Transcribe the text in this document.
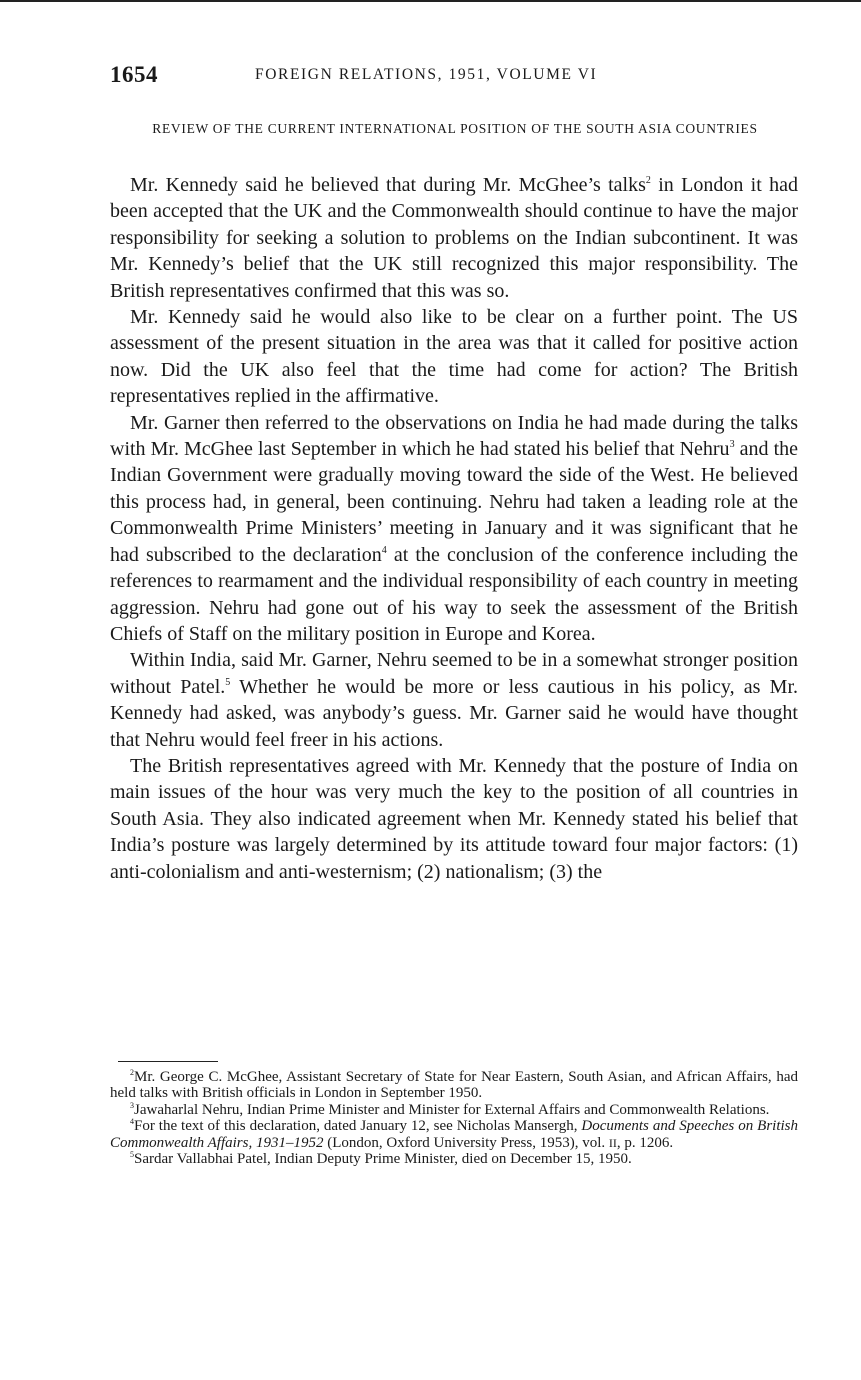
1654	FOREIGN RELATIONS, 1951, VOLUME VI
REVIEW OF THE CURRENT INTERNATIONAL POSITION OF THE SOUTH ASIA COUNTRIES

Mr. Kennedy said he believed that during Mr. McGhee’s talks$^2$ in London it had been accepted that the UK and the Commonwealth should continue to have the major responsibility for seeking a solution to problems on the Indian subcontinent. It was Mr. Kennedy’s belief that the UK still recognized this major responsibility. The British representatives confirmed that this was so.

Mr. Kennedy said he would also like to be clear on a further point. The US assessment of the present situation in the area was that it called for positive action now. Did the UK also feel that the time had come for action? The British representatives replied in the affirmative.

Mr. Garner then referred to the observations on India he had made during the talks with Mr. McGhee last September in which he had stated his belief that Nehru$^3$ and the Indian Government were gradually moving toward the side of the West. He believed this process had, in general, been continuing. Nehru had taken a leading role at the Commonwealth Prime Ministers’ meeting in January and it was significant that he had subscribed to the declaration$^4$ at the conclusion of the conference including the references to rearmament and the individual responsibility of each country in meeting aggression. Nehru had gone out of his way to seek the assessment of the British Chiefs of Staff on the military position in Europe and Korea.

Within India, said Mr. Garner, Nehru seemed to be in a somewhat stronger position without Patel.$^5$ Whether he would be more or less cautious in his policy, as Mr. Kennedy had asked, was anybody’s guess. Mr. Garner said he would have thought that Nehru would feel freer in his actions.

The British representatives agreed with Mr. Kennedy that the posture of India on main issues of the hour was very much the key to the position of all countries in South Asia. They also indicated agreement when Mr. Kennedy stated his belief that India’s posture was largely determined by its attitude toward four major factors: (1) anti-colonialism and anti-westernism; (2) nationalism; (3) the

$^2$Mr. George C. McGhee, Assistant Secretary of State for Near Eastern, South Asian, and African Affairs, had held talks with British officials in London in September 1950.

$^3$Jawaharlal Nehru, Indian Prime Minister and Minister for External Affairs and Commonwealth Relations.

$^4$For the text of this declaration, dated January 12, see Nicholas Mansergh, Documents and Speeches on British Commonwealth Affairs, 1931–1952 (London, Oxford University Press, 1953), vol. II, p. 1206.

$^5$Sardar Vallabhai Patel, Indian Deputy Prime Minister, died on December 15, 1950.
